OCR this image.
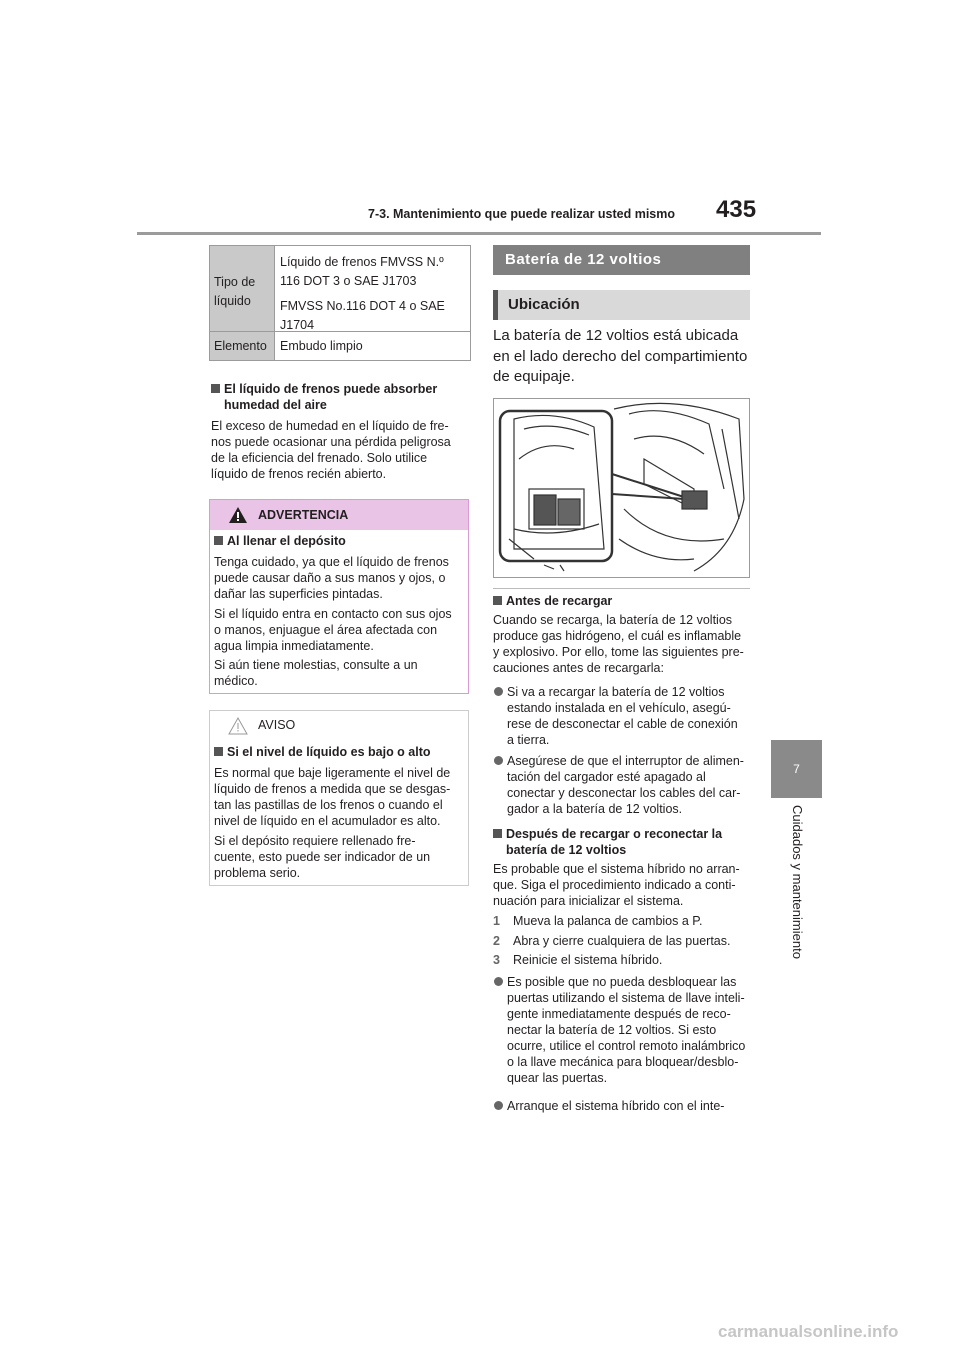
7-3. Mantenimiento que puede realizar usted mismo 435
7
Cuidados y mantenimiento
Tipo de
líquido
Líquido de frenos FMVSS N.º
116 DOT 3 o SAE J1703
FMVSS No.116 DOT 4 o SAE
J1704
Elemento	Embudo limpio
El líquido de frenos puede absorber
humedad del aire
El exceso de humedad en el líquido de fre-
nos puede ocasionar una pérdida peligrosa
de la eficiencia del frenado. Solo utilice
líquido de frenos recién abierto.
ADVERTENCIA
Al llenar el depósito
Tenga cuidado, ya que el líquido de frenos
puede causar daño a sus manos y ojos, o
dañar las superficies pintadas.
Si el líquido entra en contacto con sus ojos
o manos, enjuague el área afectada con
agua limpia inmediatamente.
Si aún tiene molestias, consulte a un
médico.
AVISO
Si el nivel de líquido es bajo o alto
Es normal que baje ligeramente el nivel de
líquido de frenos a medida que se desgas-
tan las pastillas de los frenos o cuando el
nivel de líquido en el acumulador es alto.
Si el depósito requiere rellenado fre-
cuente, esto puede ser indicador de un
problema serio.
Batería de 12 voltios
Ubicación
La batería de 12 voltios está ubicada
en el lado derecho del compartimiento
de equipaje.
Antes de recargar
Cuando se recarga, la batería de 12 voltios
produce gas hidrógeno, el cuál es inflamable
y explosivo. Por ello, tome las siguientes pre-
cauciones antes de recargarla:
Si va a recargar la batería de 12 voltios
estando instalada en el vehículo, asegú-
rese de desconectar el cable de conexión
a tierra.
Asegúrese de que el interruptor de alimen-
tación del cargador esté apagado al
conectar y desconectar los cables del car-
gador a la batería de 12 voltios.
Después de recargar o reconectar la
batería de 12 voltios
Es probable que el sistema híbrido no arran-
que. Siga el procedimiento indicado a conti-
nuación para inicializar el sistema.
1 Mueva la palanca de cambios a P.
2 Abra y cierre cualquiera de las puertas.
3 Reinicie el sistema híbrido.
Es posible que no pueda desbloquear las
puertas utilizando el sistema de llave inteli-
gente inmediatamente después de reco-
nectar la batería de 12 voltios. Si esto
ocurre, utilice el control remoto inalámbrico
o la llave mecánica para bloquear/desblo-
quear las puertas.
Arranque el sistema híbrido con el inte-
carmanualsonline.info
